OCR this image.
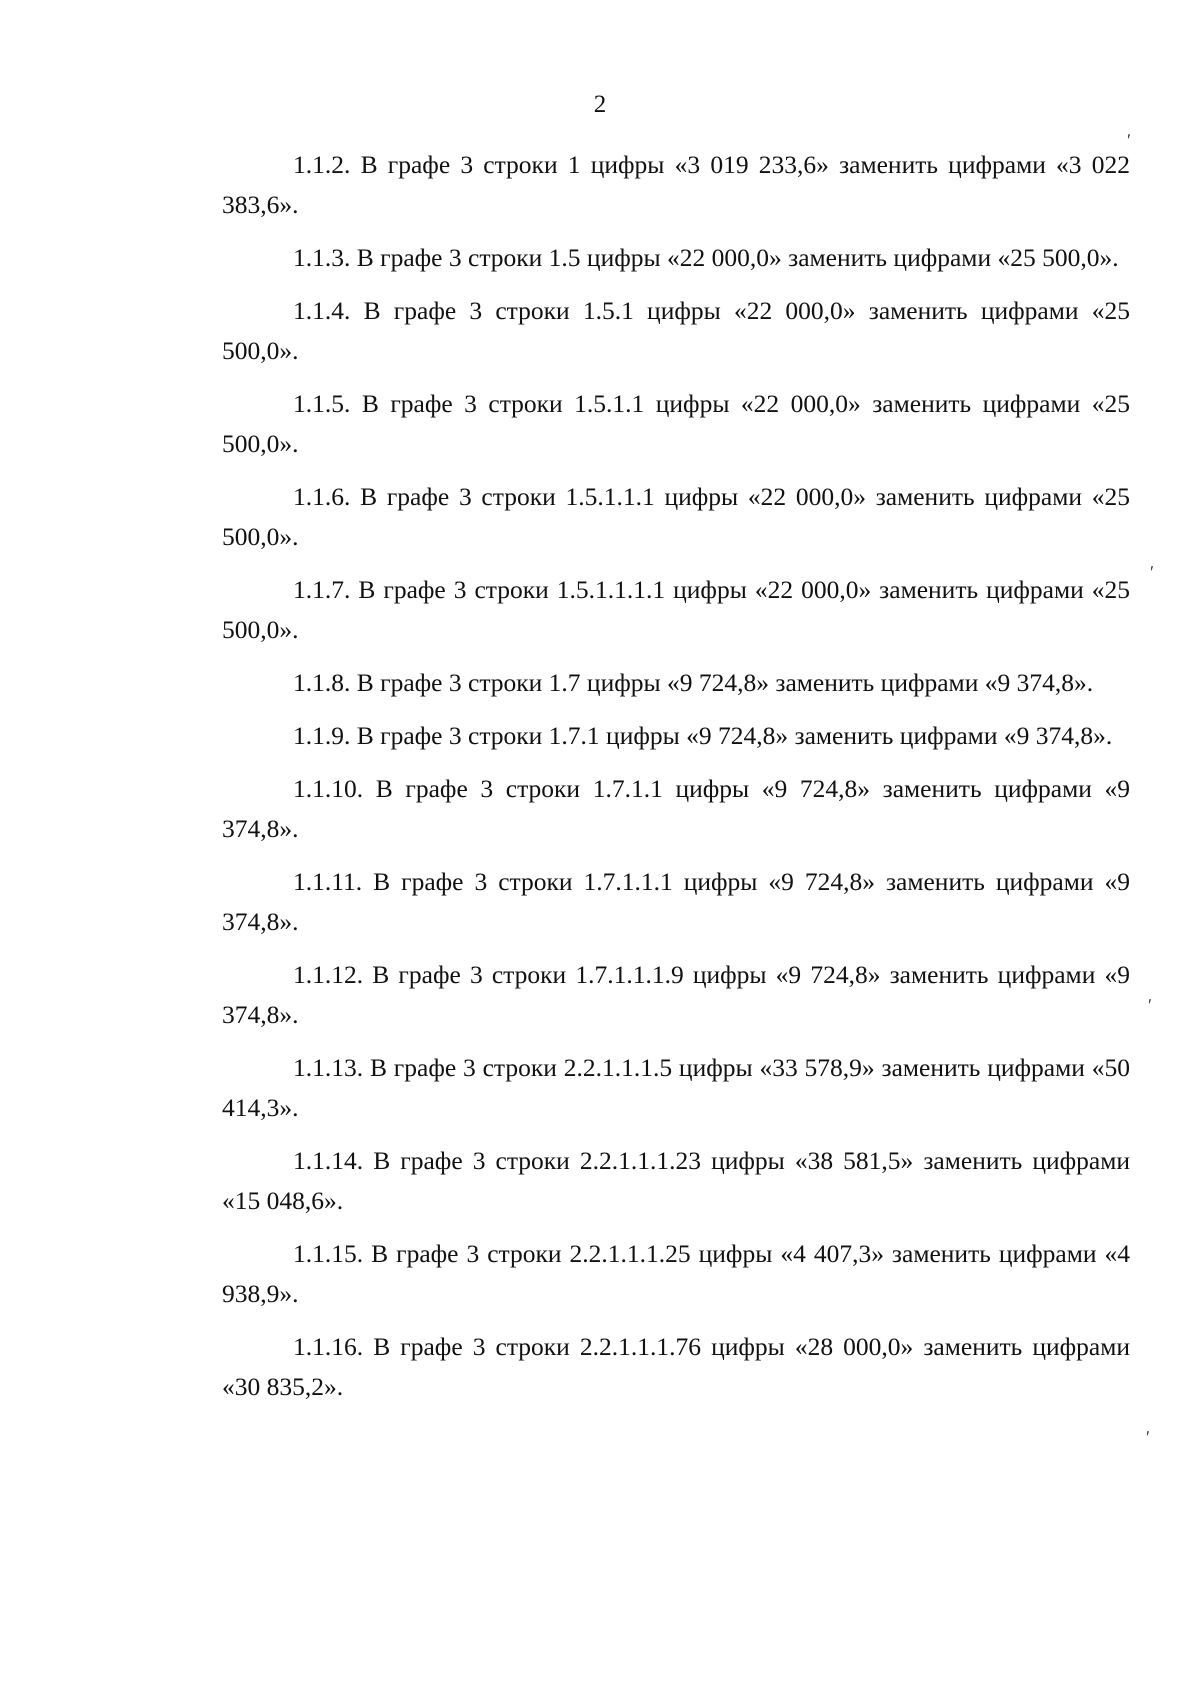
2

1.1.2. В графе 3 строки 1 цифры «3 019 233,6» заменить цифрами «3 022 383,6».

1.1.3. В графе 3 строки 1.5 цифры «22 000,0» заменить цифрами «25 500,0».

1.1.4. В графе 3 строки 1.5.1 цифры «22 000,0» заменить цифрами «25 500,0».

1.1.5. В графе 3 строки 1.5.1.1 цифры «22 000,0» заменить цифрами «25 500,0».

1.1.6. В графе 3 строки 1.5.1.1.1 цифры «22 000,0» заменить цифрами «25 500,0».

1.1.7. В графе 3 строки 1.5.1.1.1.1 цифры «22 000,0» заменить цифрами «25 500,0».

1.1.8. В графе 3 строки 1.7 цифры «9 724,8» заменить цифрами «9 374,8».

1.1.9. В графе 3 строки 1.7.1 цифры «9 724,8» заменить цифрами «9 374,8».

1.1.10. В графе 3 строки 1.7.1.1 цифры «9 724,8» заменить цифрами «9 374,8».

1.1.11. В графе 3 строки 1.7.1.1.1 цифры «9 724,8» заменить цифрами «9 374,8».

1.1.12. В графе 3 строки 1.7.1.1.1.9 цифры «9 724,8» заменить цифрами «9 374,8».

1.1.13. В графе 3 строки 2.2.1.1.1.5 цифры «33 578,9» заменить цифрами «50 414,3».

1.1.14. В графе 3 строки 2.2.1.1.1.23 цифры «38 581,5» заменить цифрами «15 048,6».

1.1.15. В графе 3 строки 2.2.1.1.1.25 цифры «4 407,3» заменить цифрами «4 938,9».

1.1.16. В графе 3 строки 2.2.1.1.1.76 цифры «28 000,0» заменить цифрами «30 835,2».

ʹ
ʹ
ʹ
ʹ
